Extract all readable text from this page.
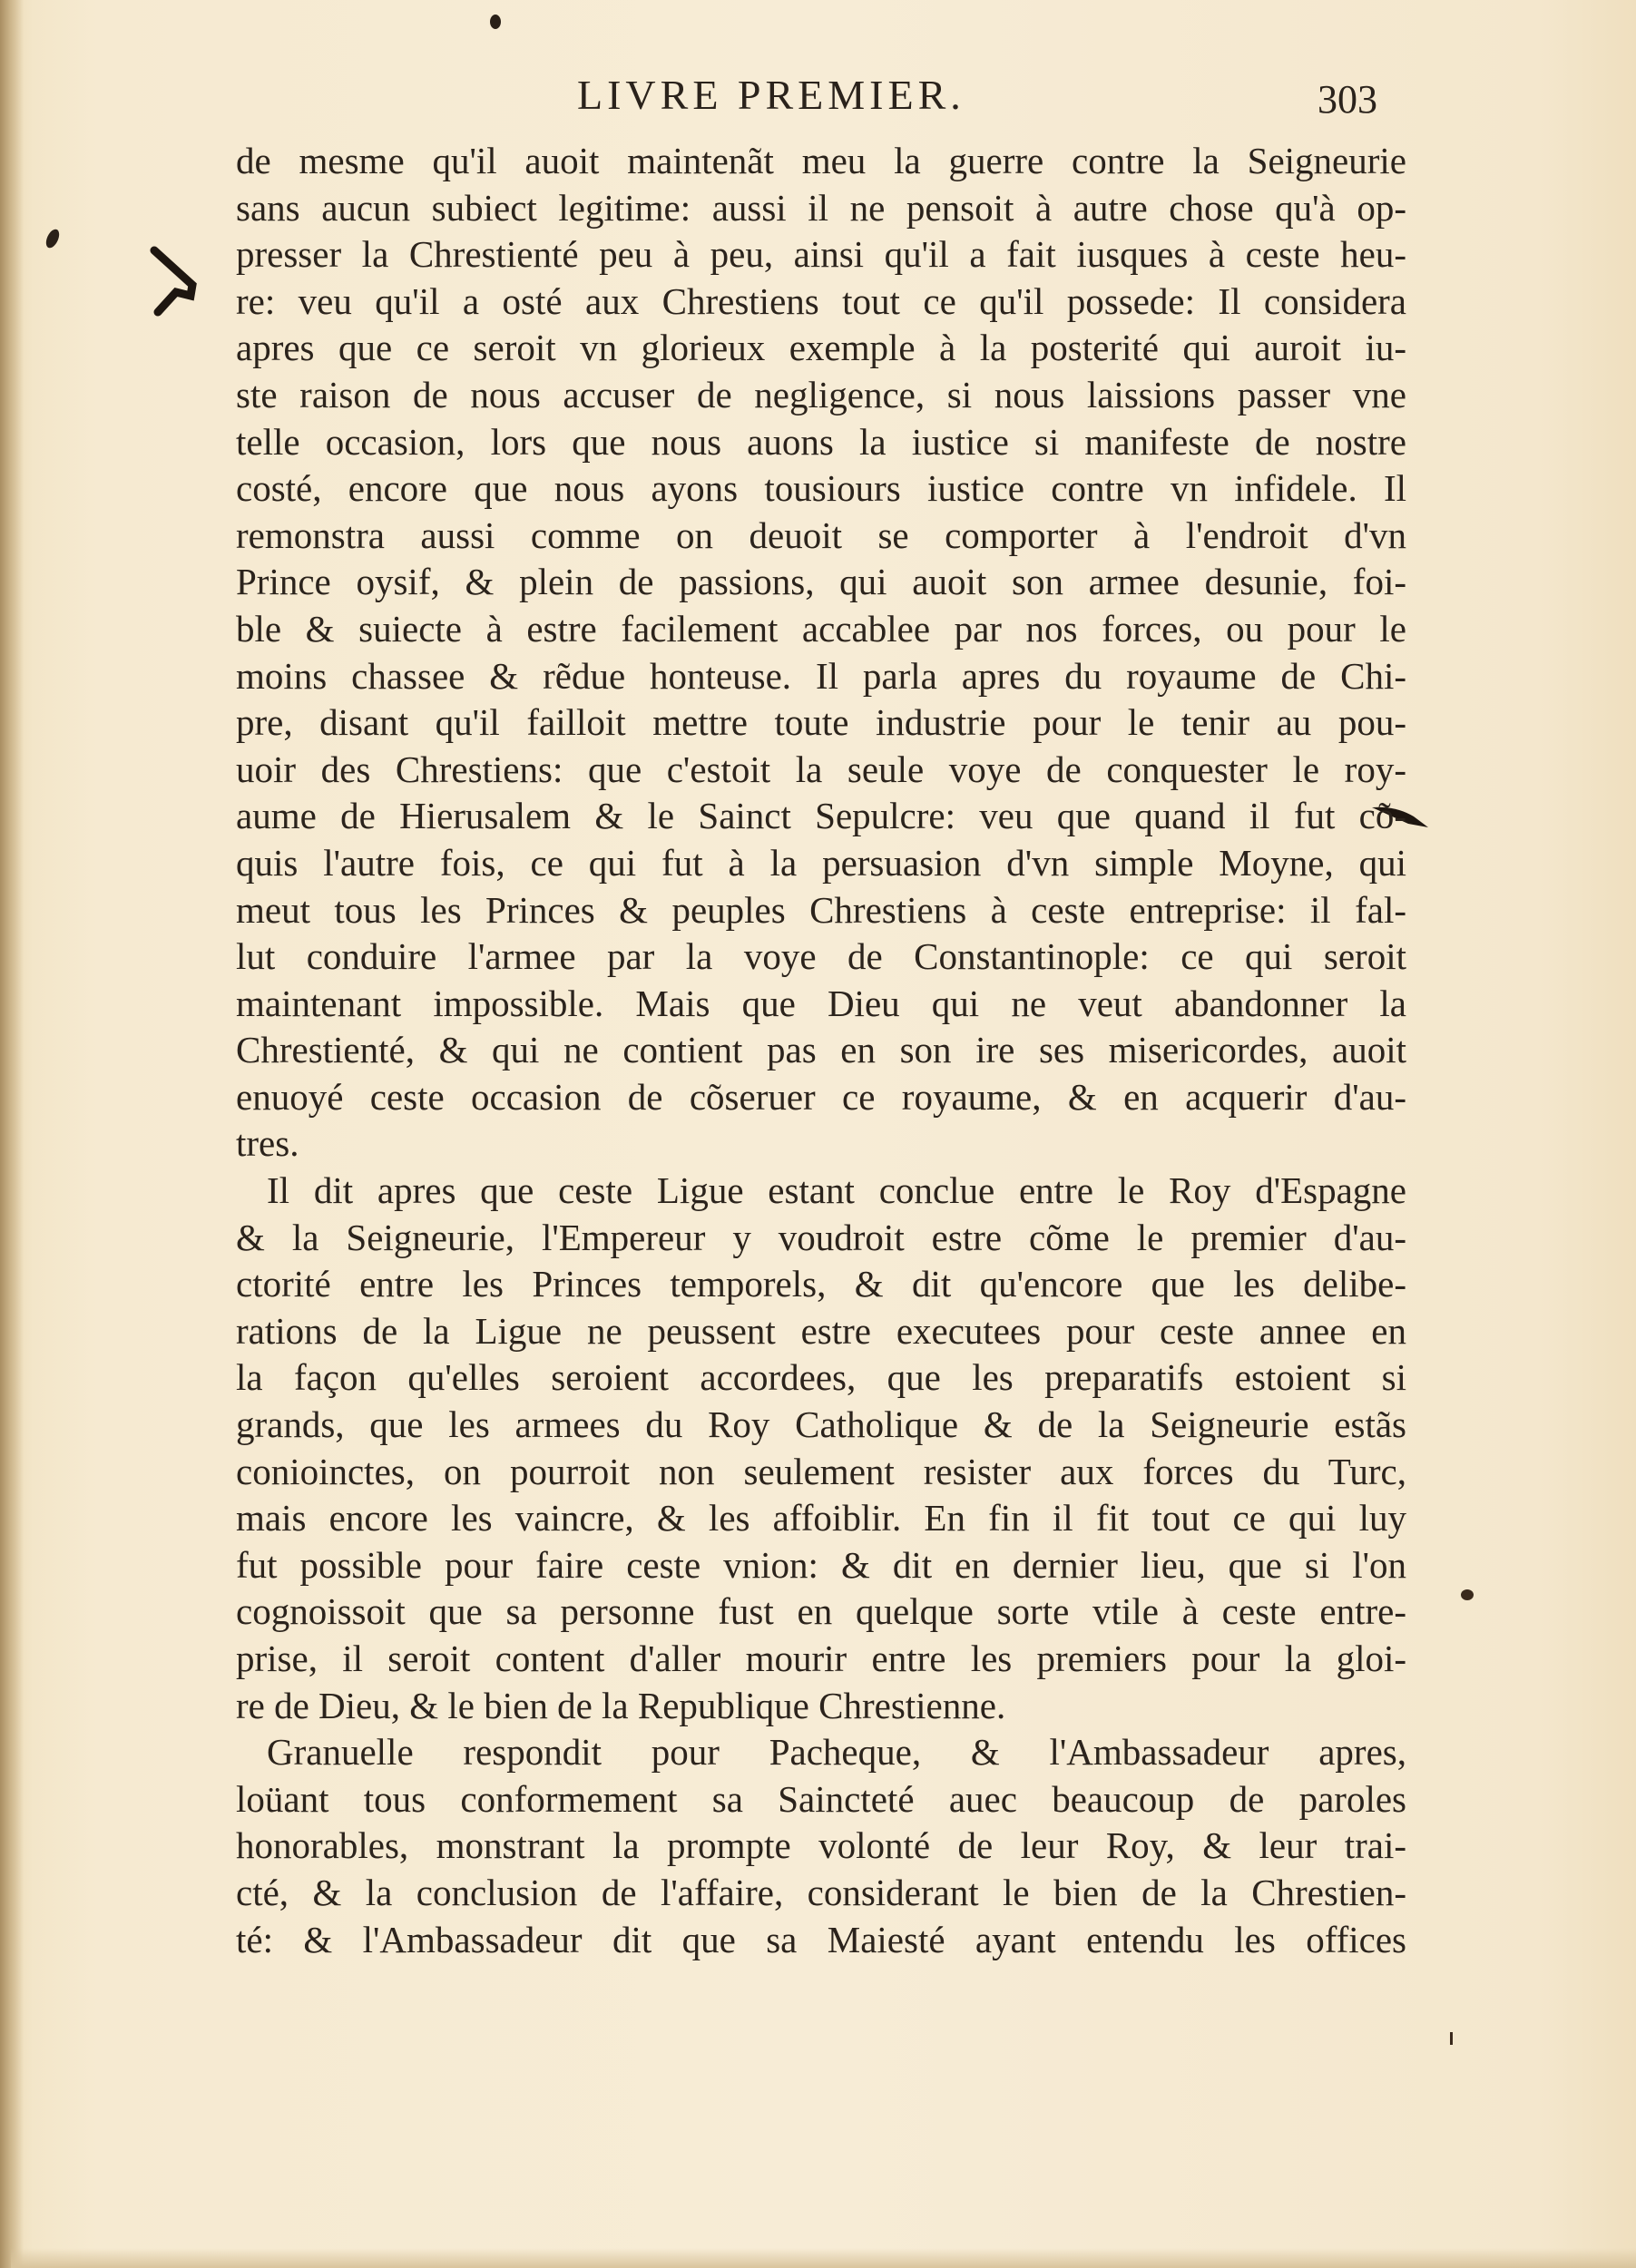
LIVRE PREMIER.	303
de mesme qu'il auoit maintenãt meu la guerre contre la Seigneurie
sans aucun subiect legitime: aussi il ne pensoit à autre chose qu'à op-
presser la Chrestienté peu à peu, ainsi qu'il a fait iusques à ceste heu-
re: veu qu'il a osté aux Chrestiens tout ce qu'il possede: Il considera
apres que ce seroit vn glorieux exemple à la posterité qui auroit iu-
ste raison de nous accuser de negligence, si nous laissions passer vne
telle occasion, lors que nous auons la iustice si manifeste de nostre
costé, encore que nous ayons tousiours iustice contre vn infidele. Il
remonstra aussi comme on deuoit se comporter à l'endroit d'vn
Prince oysif, & plein de passions, qui auoit son armee desunie, foi-
ble & suiecte à estre facilement accablee par nos forces, ou pour le
moins chassee & rẽdue honteuse. Il parla apres du royaume de Chi-
pre, disant qu'il failloit mettre toute industrie pour le tenir au pou-
uoir des Chrestiens: que c'estoit la seule voye de conquester le roy-
aume de Hierusalem & le Sainct Sepulcre: veu que quand il fut cõ-
quis l'autre fois, ce qui fut à la persuasion d'vn simple Moyne, qui
meut tous les Princes & peuples Chrestiens à ceste entreprise: il fal-
lut conduire l'armee par la voye de Constantinople: ce qui seroit
maintenant impossible. Mais que Dieu qui ne veut abandonner la
Chrestienté, & qui ne contient pas en son ire ses misericordes, auoit
enuoyé ceste occasion de cõseruer ce royaume, & en acquerir d'au-
tres.
Il dit apres que ceste Ligue estant conclue entre le Roy d'Espagne
& la Seigneurie, l'Empereur y voudroit estre cõme le premier d'au-
ctorité entre les Princes temporels, & dit qu'encore que les delibe-
rations de la Ligue ne peussent estre executees pour ceste annee en
la façon qu'elles seroient accordees, que les preparatifs estoient si
grands, que les armees du Roy Catholique & de la Seigneurie estãs
conioinctes, on pourroit non seulement resister aux forces du Turc,
mais encore les vaincre, & les affoiblir. En fin il fit tout ce qui luy
fut possible pour faire ceste vnion: & dit en dernier lieu, que si l'on
cognoissoit que sa personne fust en quelque sorte vtile à ceste entre-
prise, il seroit content d'aller mourir entre les premiers pour la gloi-
re de Dieu, & le bien de la Republique Chrestienne.
Granuelle respondit pour Pacheque, & l'Ambassadeur apres,
loüant tous conformement sa Saincteté auec beaucoup de paroles
honorables, monstrant la prompte volonté de leur Roy, & leur trai-
cté, & la conclusion de l'affaire, considerant le bien de la Chrestien-
té: & l'Ambassadeur dit que sa Maiesté ayant entendu les offices
